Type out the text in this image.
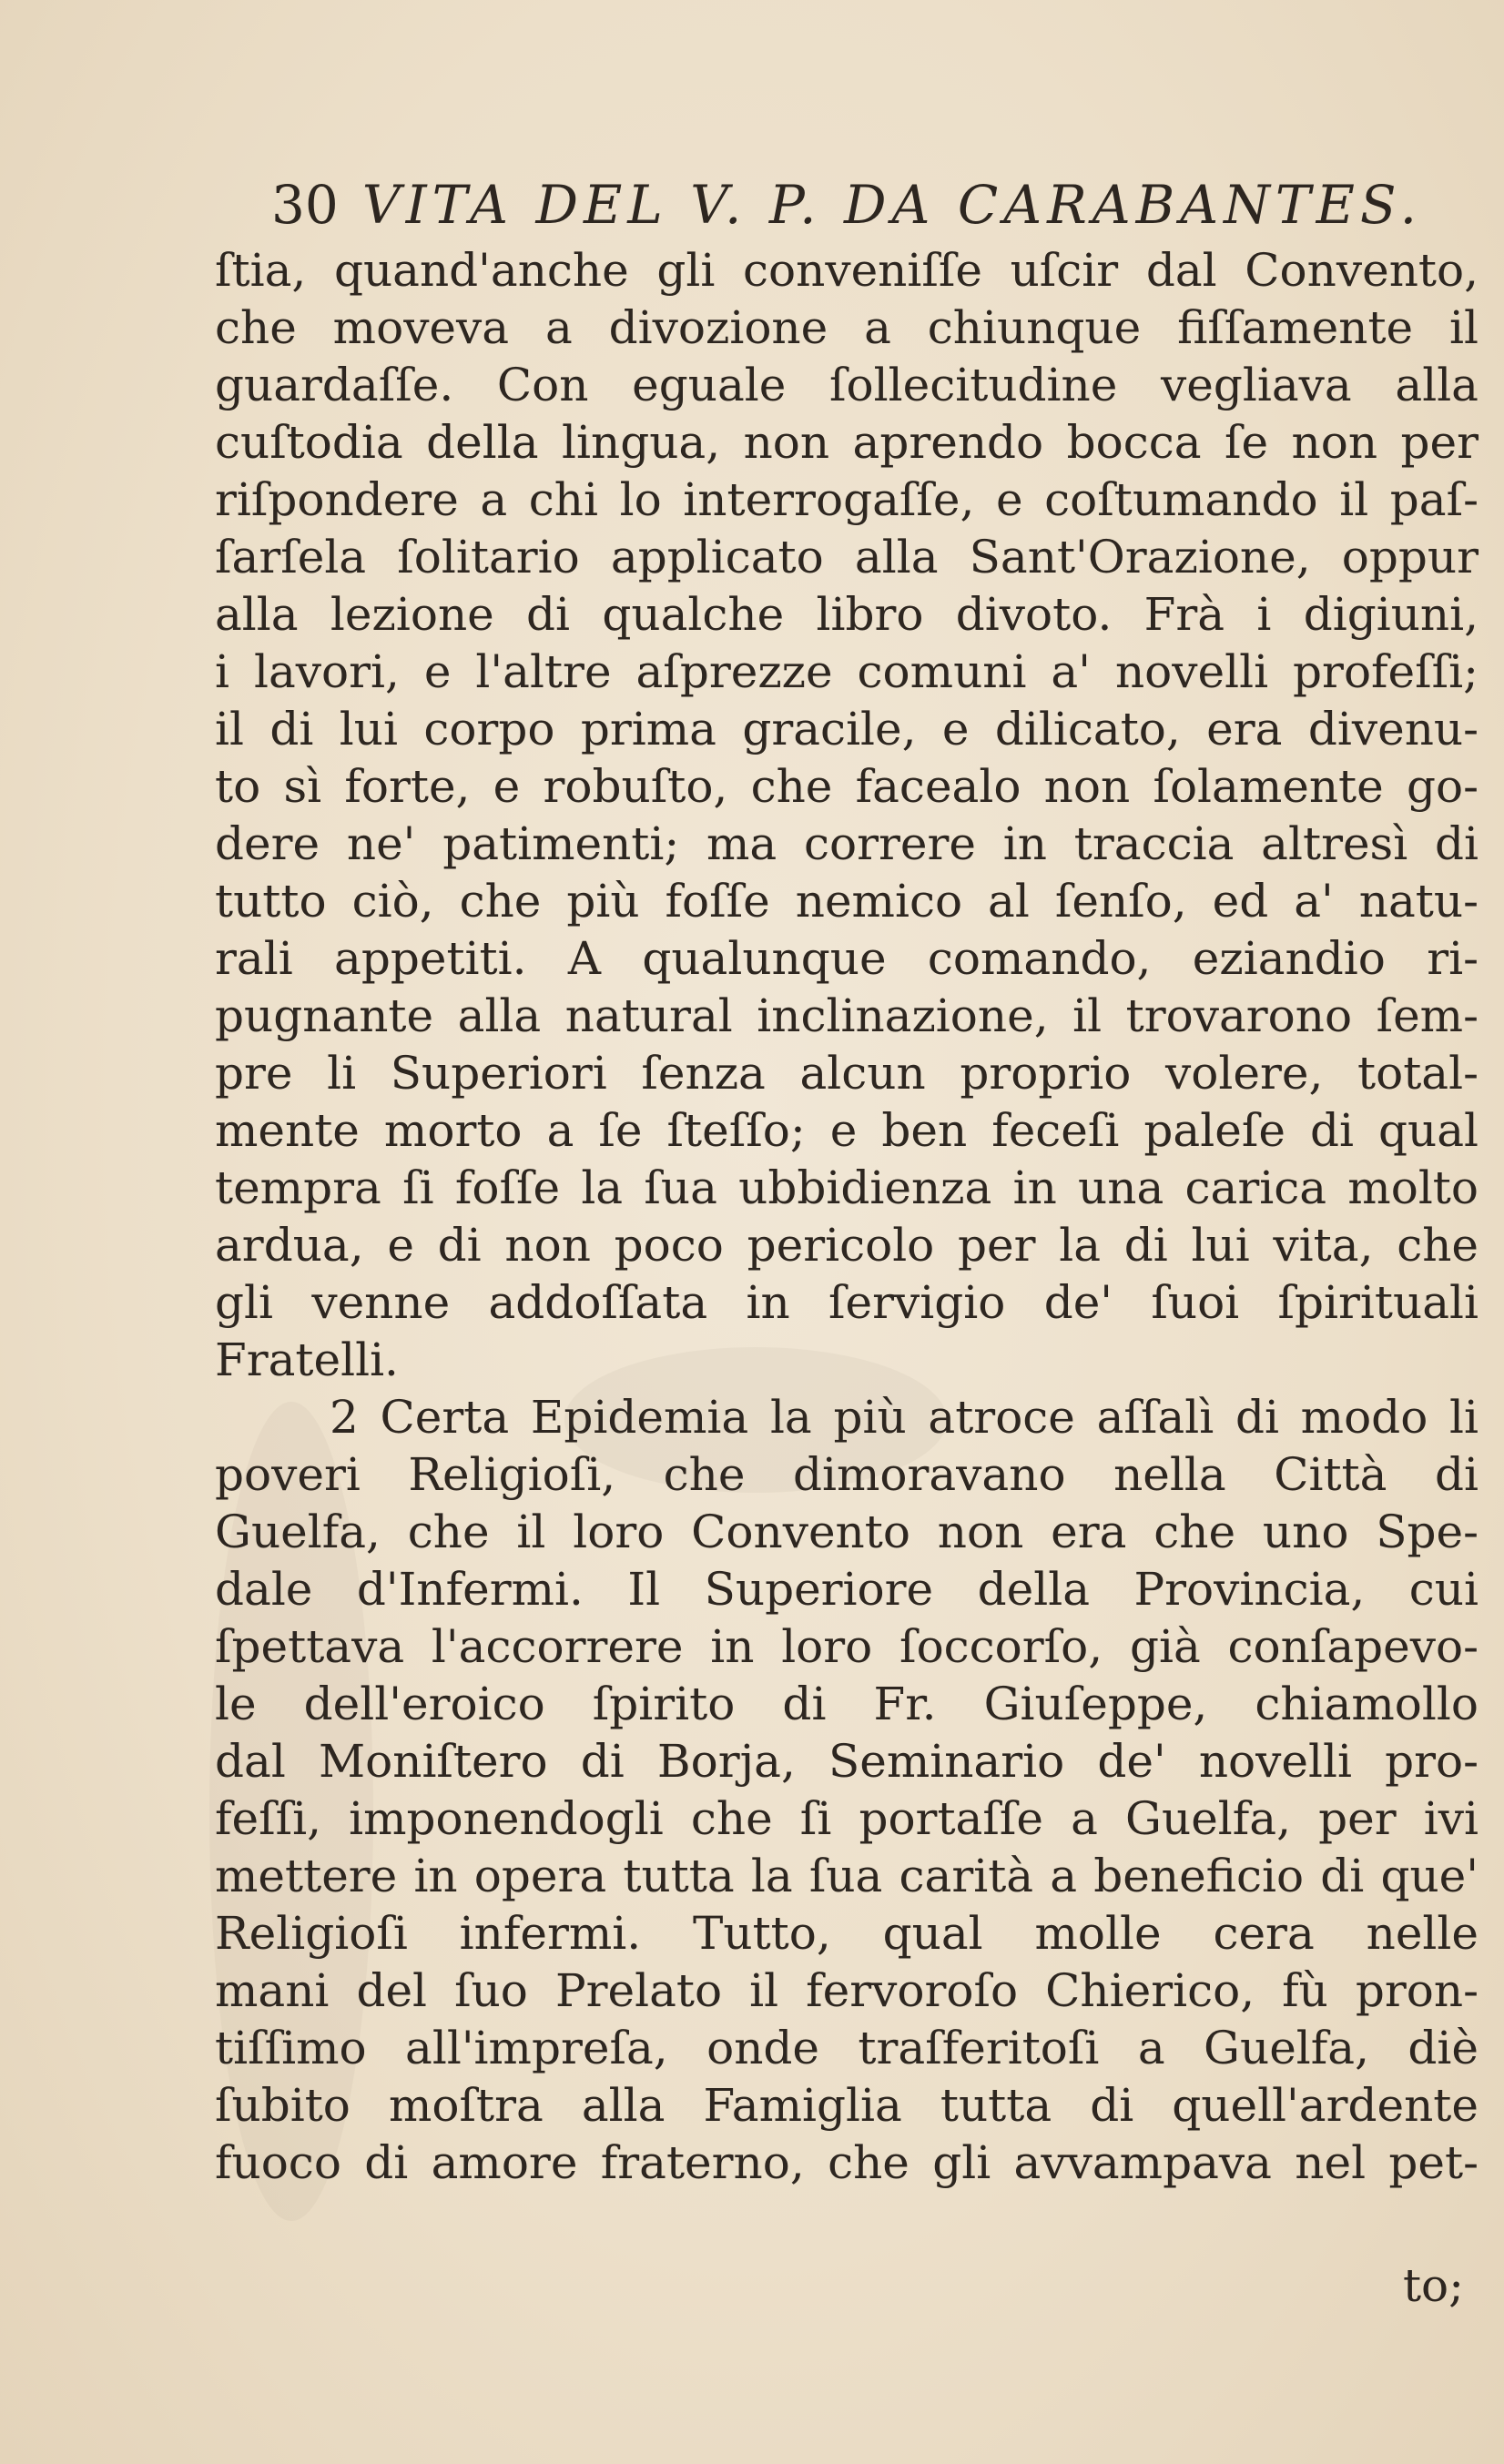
30 VITA DEL V. P. DA CARABANTES.
ſtia, quand'anche gli conveniſſe uſcir dal Convento,
che moveva a divozione a chiunque fiſſamente il
guardaſſe. Con eguale ſollecitudine vegliava alla
cuſtodia della lingua, non aprendo bocca ſe non per
riſpondere a chi lo interrogaſſe, e coſtumando il paſ-
ſarſela ſolitario applicato alla Sant'Orazione, oppur
alla lezione di qualche libro divoto. Frà i digiuni,
i lavori, e l'altre aſprezze comuni a' novelli profeſſi;
il di lui corpo prima gracile, e dilicato, era divenu-
to sì forte, e robuſto, che facealo non ſolamente go-
dere ne' patimenti; ma correre in traccia altresì di
tutto ciò, che più foſſe nemico al ſenſo, ed a' natu-
rali appetiti. A qualunque comando, eziandio ri-
pugnante alla natural inclinazione, il trovarono ſem-
pre li Superiori ſenza alcun proprio volere, total-
mente morto a ſe ſteſſo; e ben feceſi paleſe di qual
tempra ſi foſſe la ſua ubbidienza in una carica molto
ardua, e di non poco pericolo per la di lui vita, che
gli venne addoſſata in ſervigio de' ſuoi ſpirituali
Fratelli.
2 Certa Epidemia la più atroce aſſalì di modo li
poveri Religioſi, che dimoravano nella Città di
Guelfa, che il loro Convento non era che uno Spe-
dale d'Infermi. Il Superiore della Provincia, cui
ſpettava l'accorrere in loro ſoccorſo, già conſapevo-
le dell'eroico ſpirito di Fr. Giuſeppe, chiamollo
dal Moniſtero di Borja, Seminario de' novelli pro-
feſſi, imponendogli che ſi portaſſe a Guelfa, per ivi
mettere in opera tutta la ſua carità a beneficio di que'
Religioſi infermi. Tutto, qual molle cera nelle
mani del ſuo Prelato il fervoroſo Chierico, fù pron-
tiſſimo all'impreſa, onde traſferitoſi a Guelfa, diè
ſubito moſtra alla Famiglia tutta di quell'ardente
fuoco di amore fraterno, che gli avvampava nel pet-
to;
